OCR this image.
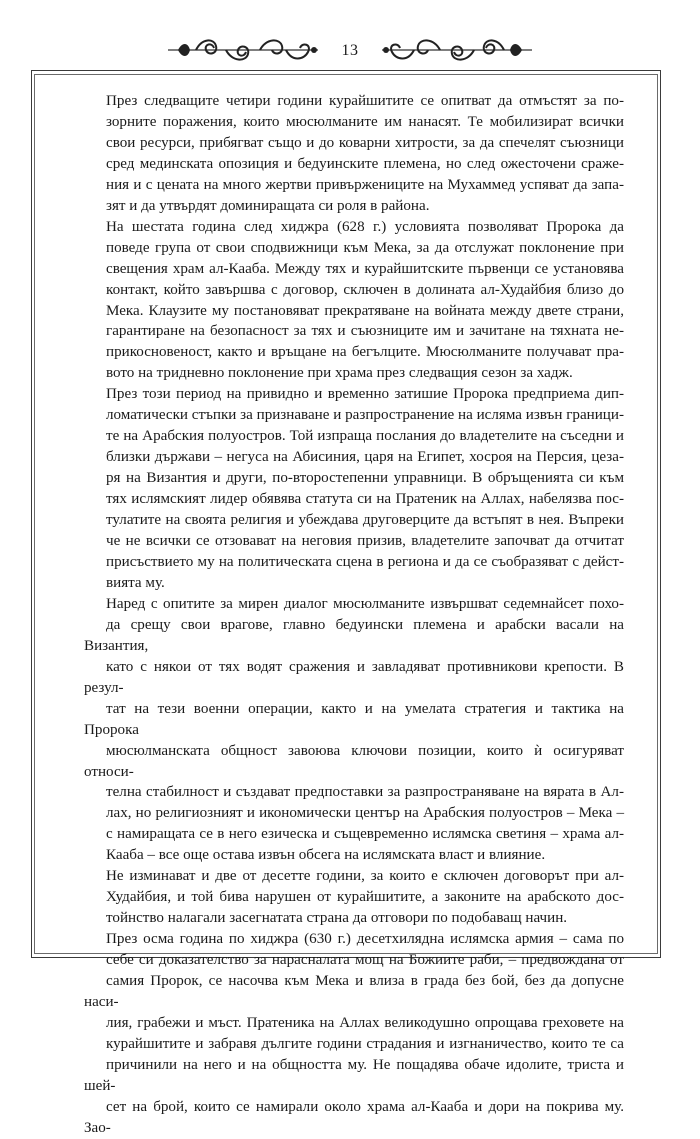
13

През следващите четири години курайшитите се опитват да отмъстят за по-
зорните поражения, които мюсюлманите им нанасят. Те мобилизират всички
свои ресурси, прибягват също и до коварни хитрости, за да спечелят съюзници
сред мединската опозиция и бедуинските племена, но след ожесточени сраже-
ния и с цената на много жертви привържениците на Мухаммед успяват да запа-
зят и да утвърдят доминиращата си роля в района.

На шестата година след хиджра (628 г.) условията позволяват Пророка да
поведе група от свои сподвижници към Мека, за да отслужат поклонение при
свещения храм ал-Кааба. Между тях и курайшитските първенци се установява
контакт, който завършва с договор, сключен в долината ал-Худайбия близо до
Мека. Клаузите му постановяват прекратяване на войната между двете страни,
гарантиране на безопасност за тях и съюзниците им и зачитане на тяхната не-
прикосновеност, както и връщане на бегълците. Мюсюлманите получават пра-
вото на тридневно поклонение при храма през следващия сезон за хадж.

През този период на привидно и временно затишие Пророка предприема дип-
ломатически стъпки за признаване и разпространение на исляма извън граници-
те на Арабския полуостров. Той изпраща послания до владетелите на съседни и
близки държави – негуса на Абисиния, царя на Египет, хосроя на Персия, цеза-
ря на Византия и други, по-второстепенни управници. В обръщенията си към
тях ислямският лидер обявява статута си на Пратеник на Аллах, набелязва пос-
тулатите на своята религия и убеждава друговерците да встъпят в нея. Въпреки
че не всички се отзовават на неговия призив, владетелите започват да отчитат
присъствието му на политическата сцена в региона и да се съобразяват с дейст-
вията му.

Наред с опитите за мирен диалог мюсюлманите извършват седемнайсет похо-
да срещу свои врагове, главно бедуински племена и арабски васали на Византия,
като с някои от тях водят сражения и завладяват противникови крепости. В резул-
тат на тези военни операции, както и на умелата стратегия и тактика на Пророка
мюсюлманската общност завоюва ключови позиции, които ѝ осигуряват относи-
телна стабилност и създават предпоставки за разпространяване на вярата в Ал-
лах, но религиозният и икономически център на Арабския полуостров – Мека –
с намиращата се в него езическа и същевременно ислямска светиня – храма ал-
Кааба – все още остава извън обсега на ислямската власт и влияние.

Не изминават и две от десетте години, за които е сключен договорът при ал-
Худайбия, и той бива нарушен от курайшитите, а законите на арабското дос-
тойнство налагали засегнатата страна да отговори по подобаващ начин.

През осма година по хиджра (630 г.) десетхилядна ислямска армия – сама по
себе си доказателство за нарасналата мощ на Божиите раби, – предвождана от
самия Пророк, се насочва към Мека и влиза в града без бой, без да допусне наси-
лия, грабежи и мъст. Пратеника на Аллах великодушно опрощава греховете на
курайшитите и забравя дългите години страдания и изгнаничество, които те са
причинили на него и на общността му. Не пощадява обаче идолите, триста и шей-
сет на брой, които се намирали около храма ал-Кааба и дори на покрива му. Зао-
